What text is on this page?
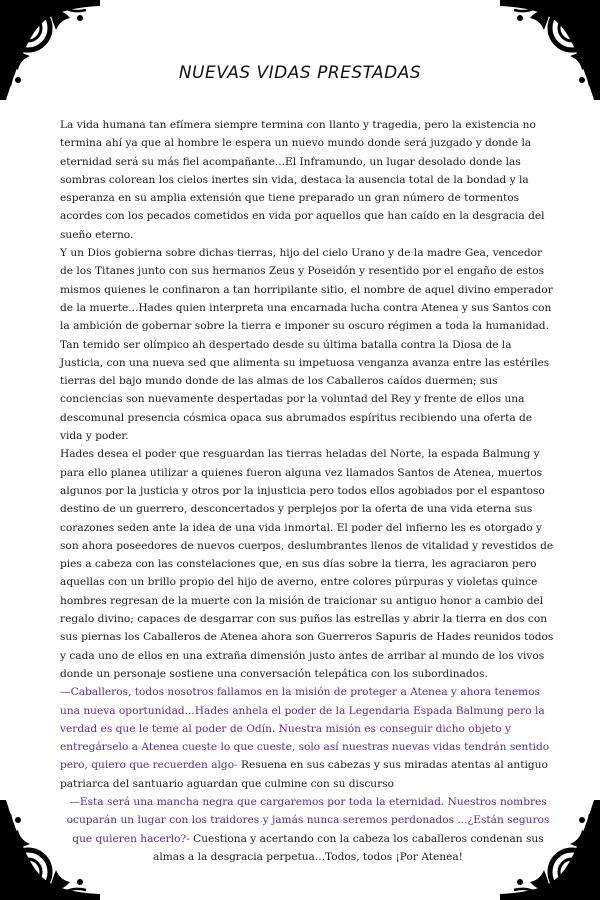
NUEVAS VIDAS PRESTADAS

La vida humana tan efímera siempre termina con llanto y tragedia, pero la existencia no termina ahí ya que al hombre le espera un nuevo mundo donde será juzgado y donde la eternidad será su más fiel acompañante...El Inframundo, un lugar desolado donde las sombras colorean los cielos inertes sin vida, destaca la ausencia total de la bondad y la esperanza en su amplia extensión que tiene preparado un gran número de tormentos acordes con los pecados cometidos en vida por aquellos que han caído en la desgracia del sueño eterno.

Y un Dios gobierna sobre dichas tierras, hijo del cielo Urano y de la madre Gea, vencedor de los Titanes junto con sus hermanos Zeus y Poseidón y resentido por el engaño de estos mismos quienes le confinaron a tan horripilante sitio, el nombre de aquel divino emperador de la muerte...Hades quien interpreta una encarnada lucha contra Atenea y sus Santos con la ambición de gobernar sobre la tierra e imponer su oscuro régimen a toda la humanidad. Tan temido ser olímpico ah despertado desde su última batalla contra la Diosa de la Justicia, con una nueva sed que alimenta su impetuosa venganza avanza entre las estériles tierras del bajo mundo donde de las almas de los Caballeros caídos duermen; sus conciencias son nuevamente despertadas por la voluntad del Rey y frente de ellos una descomunal presencia cósmica opaca sus abrumados espíritus recibiendo una oferta de vida y poder.

Hades desea el poder que resguardan las tierras heladas del Norte, la espada Balmung y para ello planea utilizar a quienes fueron alguna vez llamados Santos de Atenea, muertos algunos por la justicia y otros por la injusticia pero todos ellos agobiados por el espantoso destino de un guerrero, desconcertados y perplejos por la oferta de una vida eterna sus corazones seden ante la idea de una vida inmortal. El poder del infierno les es otorgado y son ahora poseedores de nuevos cuerpos, deslumbrantes llenos de vitalidad y revestidos de pies a cabeza con las constelaciones que, en sus días sobre la tierra, les agraciaron pero aquellas con un brillo propio del hijo de averno, entre colores púrpuras y violetas quince hombres regresan de la muerte con la misión de traicionar su antiguo honor a cambio del regalo divino; capaces de desgarrar con sus puños las estrellas y abrir la tierra en dos con sus piernas los Caballeros de Atenea ahora son Guerreros Sapuris de Hades reunidos todos y cada uno de ellos en una extraña dimensión justo antes de arribar al mundo de los vivos donde un personaje sostiene una conversación telepática con los subordinados.

—Caballeros, todos nosotros fallamos en la misión de proteger a Atenea y ahora tenemos una nueva oportunidad...Hades anhela el poder de la Legendaria Espada Balmung pero la verdad es que le teme al poder de Odín. Nuestra misión es conseguir dicho objeto y entregárselo a Atenea cueste lo que cueste, solo así nuestras nuevas vidas tendrán sentido pero, quiero que recuerden algo- Resuena en sus cabezas y sus miradas atentas al antiguo patriarca del santuario aguardan que culmine con su discurso

—Esta será una mancha negra que cargaremos por toda la eternidad. Nuestros nombres ocuparán un lugar con los traidores y jamás nunca seremos perdonados ...¿Están seguros que quieren hacerlo?- Cuestiona y acertando con la cabeza los caballeros condenan sus almas a la desgracia perpetua...Todos, todos ¡Por Atenea!
